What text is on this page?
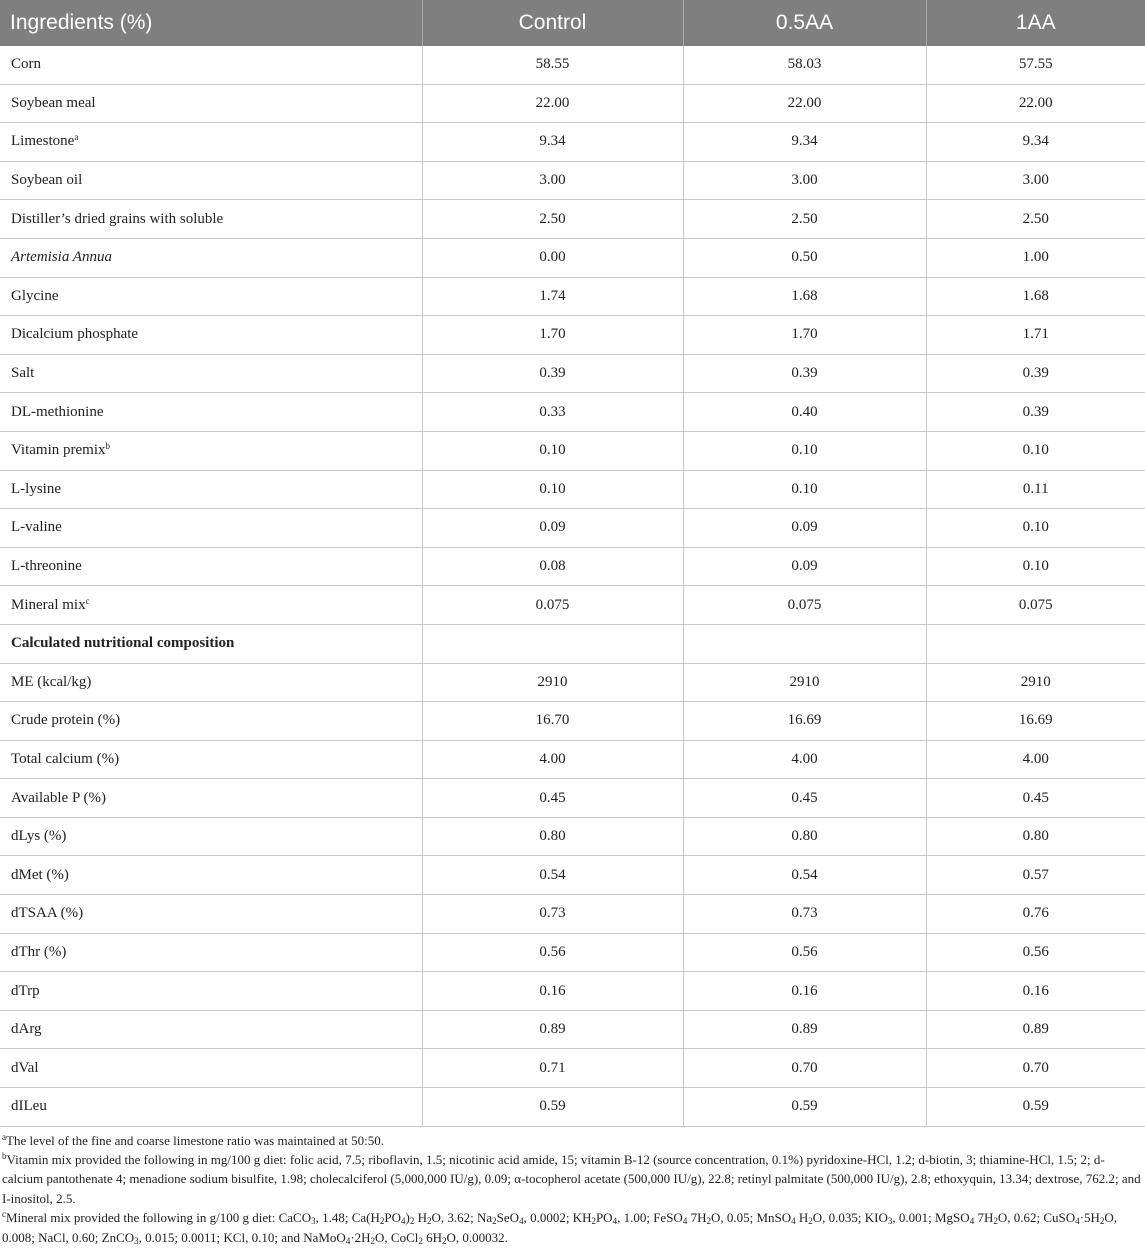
Ingredients (%)	Control	0.5AA	1AA
Corn	58.55	58.03	57.55
Soybean meal	22.00	22.00	22.00
Limestone$^a$	9.34	9.34	9.34
Soybean oil	3.00	3.00	3.00
Distiller’s dried grains with soluble	2.50	2.50	2.50
Artemisia Annua	0.00	0.50	1.00
Glycine	1.74	1.68	1.68
Dicalcium phosphate	1.70	1.70	1.71
Salt	0.39	0.39	0.39
DL-methionine	0.33	0.40	0.39
Vitamin premix$^b$	0.10	0.10	0.10
L-lysine	0.10	0.10	0.11
L-valine	0.09	0.09	0.10
L-threonine	0.08	0.09	0.10
Mineral mix$^c$	0.075	0.075	0.075
Calculated nutritional composition			
ME (kcal/kg)	2910	2910	2910
Crude protein (%)	16.70	16.69	16.69
Total calcium (%)	4.00	4.00	4.00
Available P (%)	0.45	0.45	0.45
dLys (%)	0.80	0.80	0.80
dMet (%)	0.54	0.54	0.57
dTSAA (%)	0.73	0.73	0.76
dThr (%)	0.56	0.56	0.56
dTrp	0.16	0.16	0.16
dArg	0.89	0.89	0.89
dVal	0.71	0.70	0.70
dILeu	0.59	0.59	0.59

$^a$The level of the fine and coarse limestone ratio was maintained at 50:50.

$^b$Vitamin mix provided the following in mg/100 g diet: folic acid, 7.5; riboflavin, 1.5; nicotinic acid amide, 15; vitamin B-12 (source concentration, 0.1%) pyridoxine-HCl, 1.2; d-biotin, 3; thiamine-HCl, 1.5; 2; d-calcium pantothenate 4; menadione sodium bisulfite, 1.98; cholecalciferol (5,000,000 IU/g), 0.09; α-tocopherol acetate (500,000 IU/g), 22.8; retinyl palmitate (500,000 IU/g), 2.8; ethoxyquin, 13.34; dextrose, 762.2; and I-inositol, 2.5.

$^c$Mineral mix provided the following in g/100 g diet: CaCO$_3$, 1.48; $Ca(H_2PO_4)_2$ $H_2O$, 3.62; $Na_2SeO_4$, 0.0002; $KH_2PO_4$, 1.00; FeSO$_4$ $7H_2O$, 0.05; MnSO$_4$ $H_2O$, 0.035; $KIO_3$, 0.001; MgSO$_4$ $7H_2O$, 0.62; $CuSO_4\cdot 5H_2O$, 0.008; NaCl, 0.60; ZnCO$_3$, 0.015; 0.0011; KCl, 0.10; and $NaMoO_4\cdot 2H_2O$, CoCl$_2$ $6H_2O$, 0.00032.
